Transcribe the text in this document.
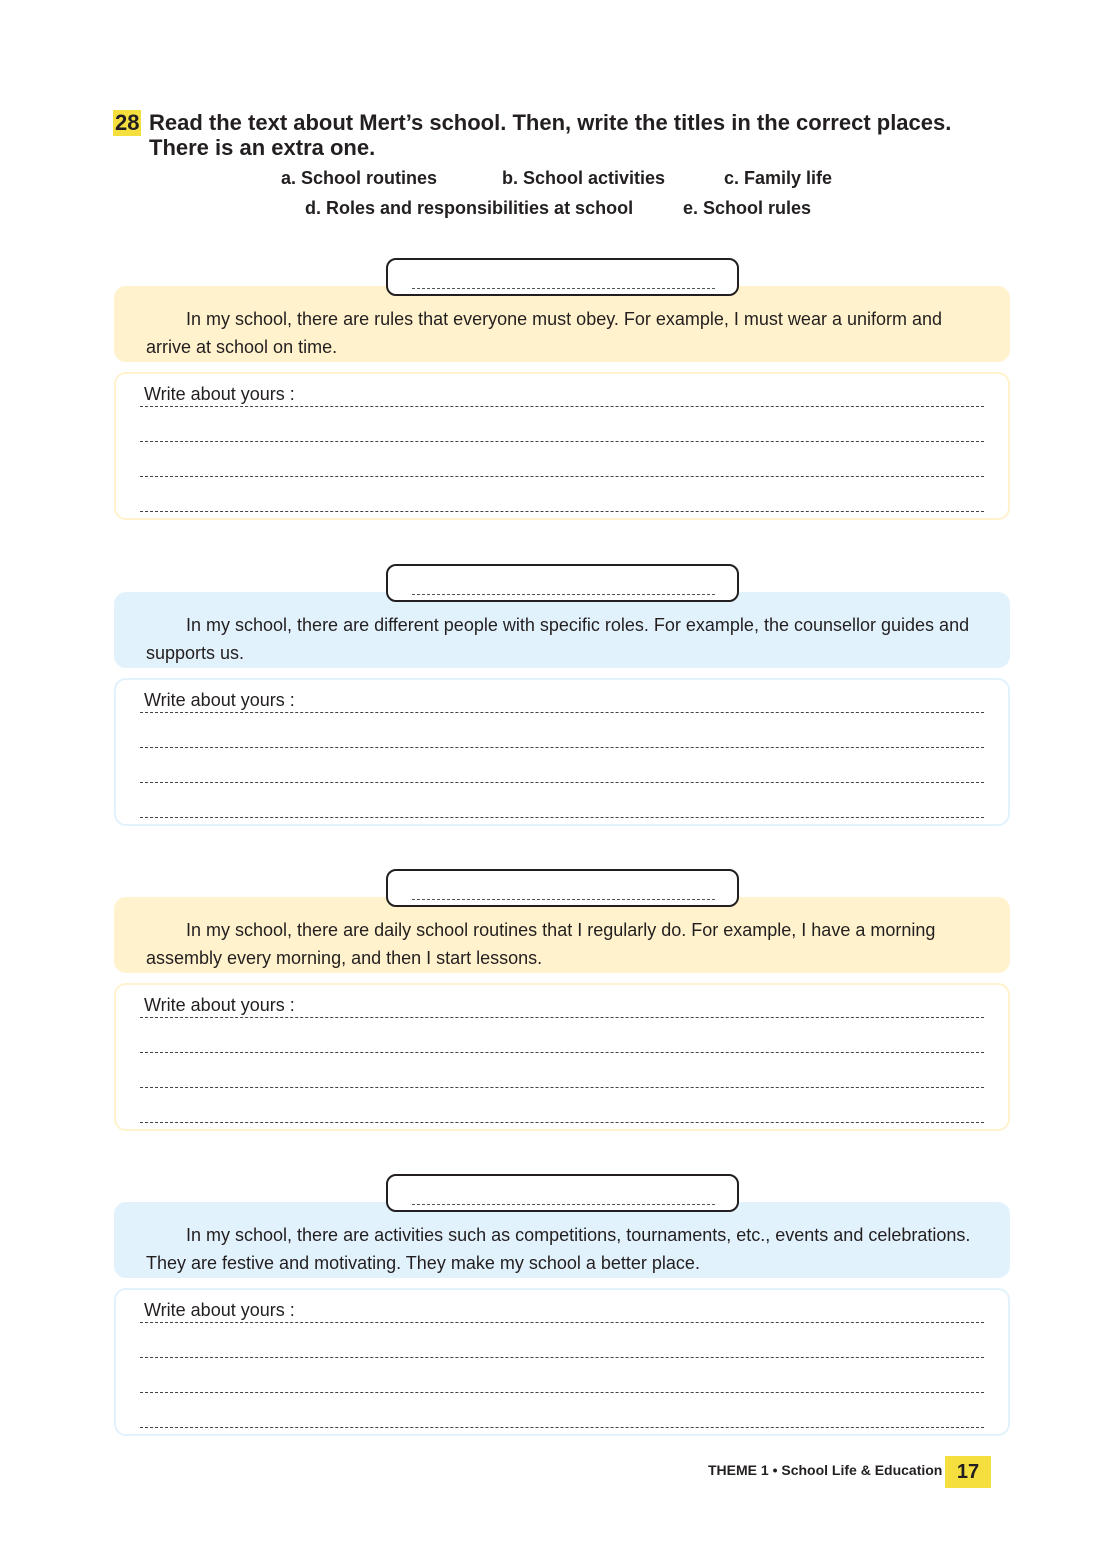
28 Read the text about Mert’s school. Then, write the titles in the correct places. There is an extra one.
a. School routines	b. School activities	c. Family life
d. Roles and responsibilities at school	e. School rules
In my school, there are rules that everyone must obey. For example, I must wear a uniform and arrive at school on time.
Write about yours :
In my school, there are different people with specific roles. For example, the counsellor guides and supports us.
Write about yours :
In my school, there are daily school routines that I regularly do. For example, I have a morning assembly every morning, and then I start lessons.
Write about yours :
In my school, there are activities such as competitions, tournaments, etc., events and celebrations. They are festive and motivating. They make my school a better place.
Write about yours :
THEME 1 • School Life & Education 17
